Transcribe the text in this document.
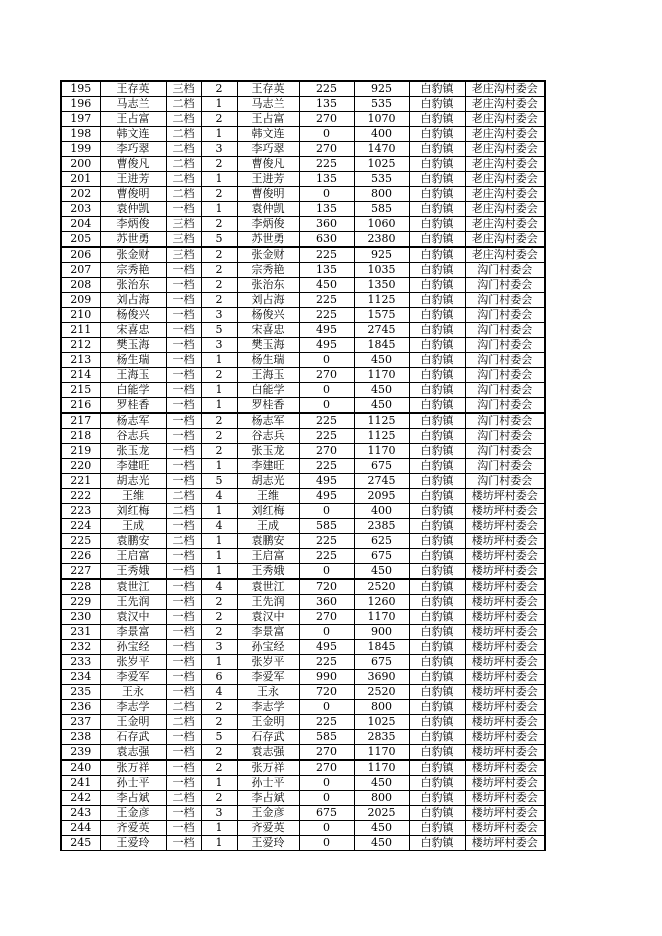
195	王存英	三档	2	王存英	225	925	白豹镇	老庄沟村委会
196	马志兰	二档	1	马志兰	135	535	白豹镇	老庄沟村委会
197	王占富	二档	2	王占富	270	1070	白豹镇	老庄沟村委会
198	韩文连	二档	1	韩文连	0	400	白豹镇	老庄沟村委会
199	李巧翠	二档	3	李巧翠	270	1470	白豹镇	老庄沟村委会
200	曹俊凡	二档	2	曹俊凡	225	1025	白豹镇	老庄沟村委会
201	王进芳	二档	1	王进芳	135	535	白豹镇	老庄沟村委会
202	曹俊明	二档	2	曹俊明	0	800	白豹镇	老庄沟村委会
203	袁仲凯	一档	1	袁仲凯	135	585	白豹镇	老庄沟村委会
204	李炳俊	三档	2	李炳俊	360	1060	白豹镇	老庄沟村委会
205	苏世勇	三档	5	苏世勇	630	2380	白豹镇	老庄沟村委会
206	张金财	三档	2	张金财	225	925	白豹镇	老庄沟村委会
207	宗秀艳	一档	2	宗秀艳	135	1035	白豹镇	沟门村委会
208	张治东	一档	2	张治东	450	1350	白豹镇	沟门村委会
209	刘占海	一档	2	刘占海	225	1125	白豹镇	沟门村委会
210	杨俊兴	一档	3	杨俊兴	225	1575	白豹镇	沟门村委会
211	宋喜忠	一档	5	宋喜忠	495	2745	白豹镇	沟门村委会
212	樊玉海	一档	3	樊玉海	495	1845	白豹镇	沟门村委会
213	杨生瑞	一档	1	杨生瑞	0	450	白豹镇	沟门村委会
214	王海玉	一档	2	王海玉	270	1170	白豹镇	沟门村委会
215	白能学	一档	1	白能学	0	450	白豹镇	沟门村委会
216	罗桂香	一档	1	罗桂香	0	450	白豹镇	沟门村委会
217	杨志军	一档	2	杨志军	225	1125	白豹镇	沟门村委会
218	谷志兵	一档	2	谷志兵	225	1125	白豹镇	沟门村委会
219	张玉龙	一档	2	张玉龙	270	1170	白豹镇	沟门村委会
220	李建旺	一档	1	李建旺	225	675	白豹镇	沟门村委会
221	胡志光	一档	5	胡志光	495	2745	白豹镇	沟门村委会
222	王维	二档	4	王维	495	2095	白豹镇	楼坊坪村委会
223	刘红梅	二档	1	刘红梅	0	400	白豹镇	楼坊坪村委会
224	王成	一档	4	王成	585	2385	白豹镇	楼坊坪村委会
225	袁鹏安	二档	1	袁鹏安	225	625	白豹镇	楼坊坪村委会
226	王启富	一档	1	王启富	225	675	白豹镇	楼坊坪村委会
227	王秀娥	一档	1	王秀娥	0	450	白豹镇	楼坊坪村委会
228	袁世江	一档	4	袁世江	720	2520	白豹镇	楼坊坪村委会
229	王先润	一档	2	王先润	360	1260	白豹镇	楼坊坪村委会
230	袁汉中	一档	2	袁汉中	270	1170	白豹镇	楼坊坪村委会
231	李景富	一档	2	李景富	0	900	白豹镇	楼坊坪村委会
232	孙宝经	一档	3	孙宝经	495	1845	白豹镇	楼坊坪村委会
233	张岁平	一档	1	张岁平	225	675	白豹镇	楼坊坪村委会
234	李爱军	一档	6	李爱军	990	3690	白豹镇	楼坊坪村委会
235	王永	一档	4	王永	720	2520	白豹镇	楼坊坪村委会
236	李志学	二档	2	李志学	0	800	白豹镇	楼坊坪村委会
237	王金明	二档	2	王金明	225	1025	白豹镇	楼坊坪村委会
238	石存武	一档	5	石存武	585	2835	白豹镇	楼坊坪村委会
239	袁志强	一档	2	袁志强	270	1170	白豹镇	楼坊坪村委会
240	张万祥	一档	2	张万祥	270	1170	白豹镇	楼坊坪村委会
241	孙士平	一档	1	孙士平	0	450	白豹镇	楼坊坪村委会
242	李占斌	二档	2	李占斌	0	800	白豹镇	楼坊坪村委会
243	王金彦	一档	3	王金彦	675	2025	白豹镇	楼坊坪村委会
244	齐爱英	一档	1	齐爱英	0	450	白豹镇	楼坊坪村委会
245	王爱玲	一档	1	王爱玲	0	450	白豹镇	楼坊坪村委会
